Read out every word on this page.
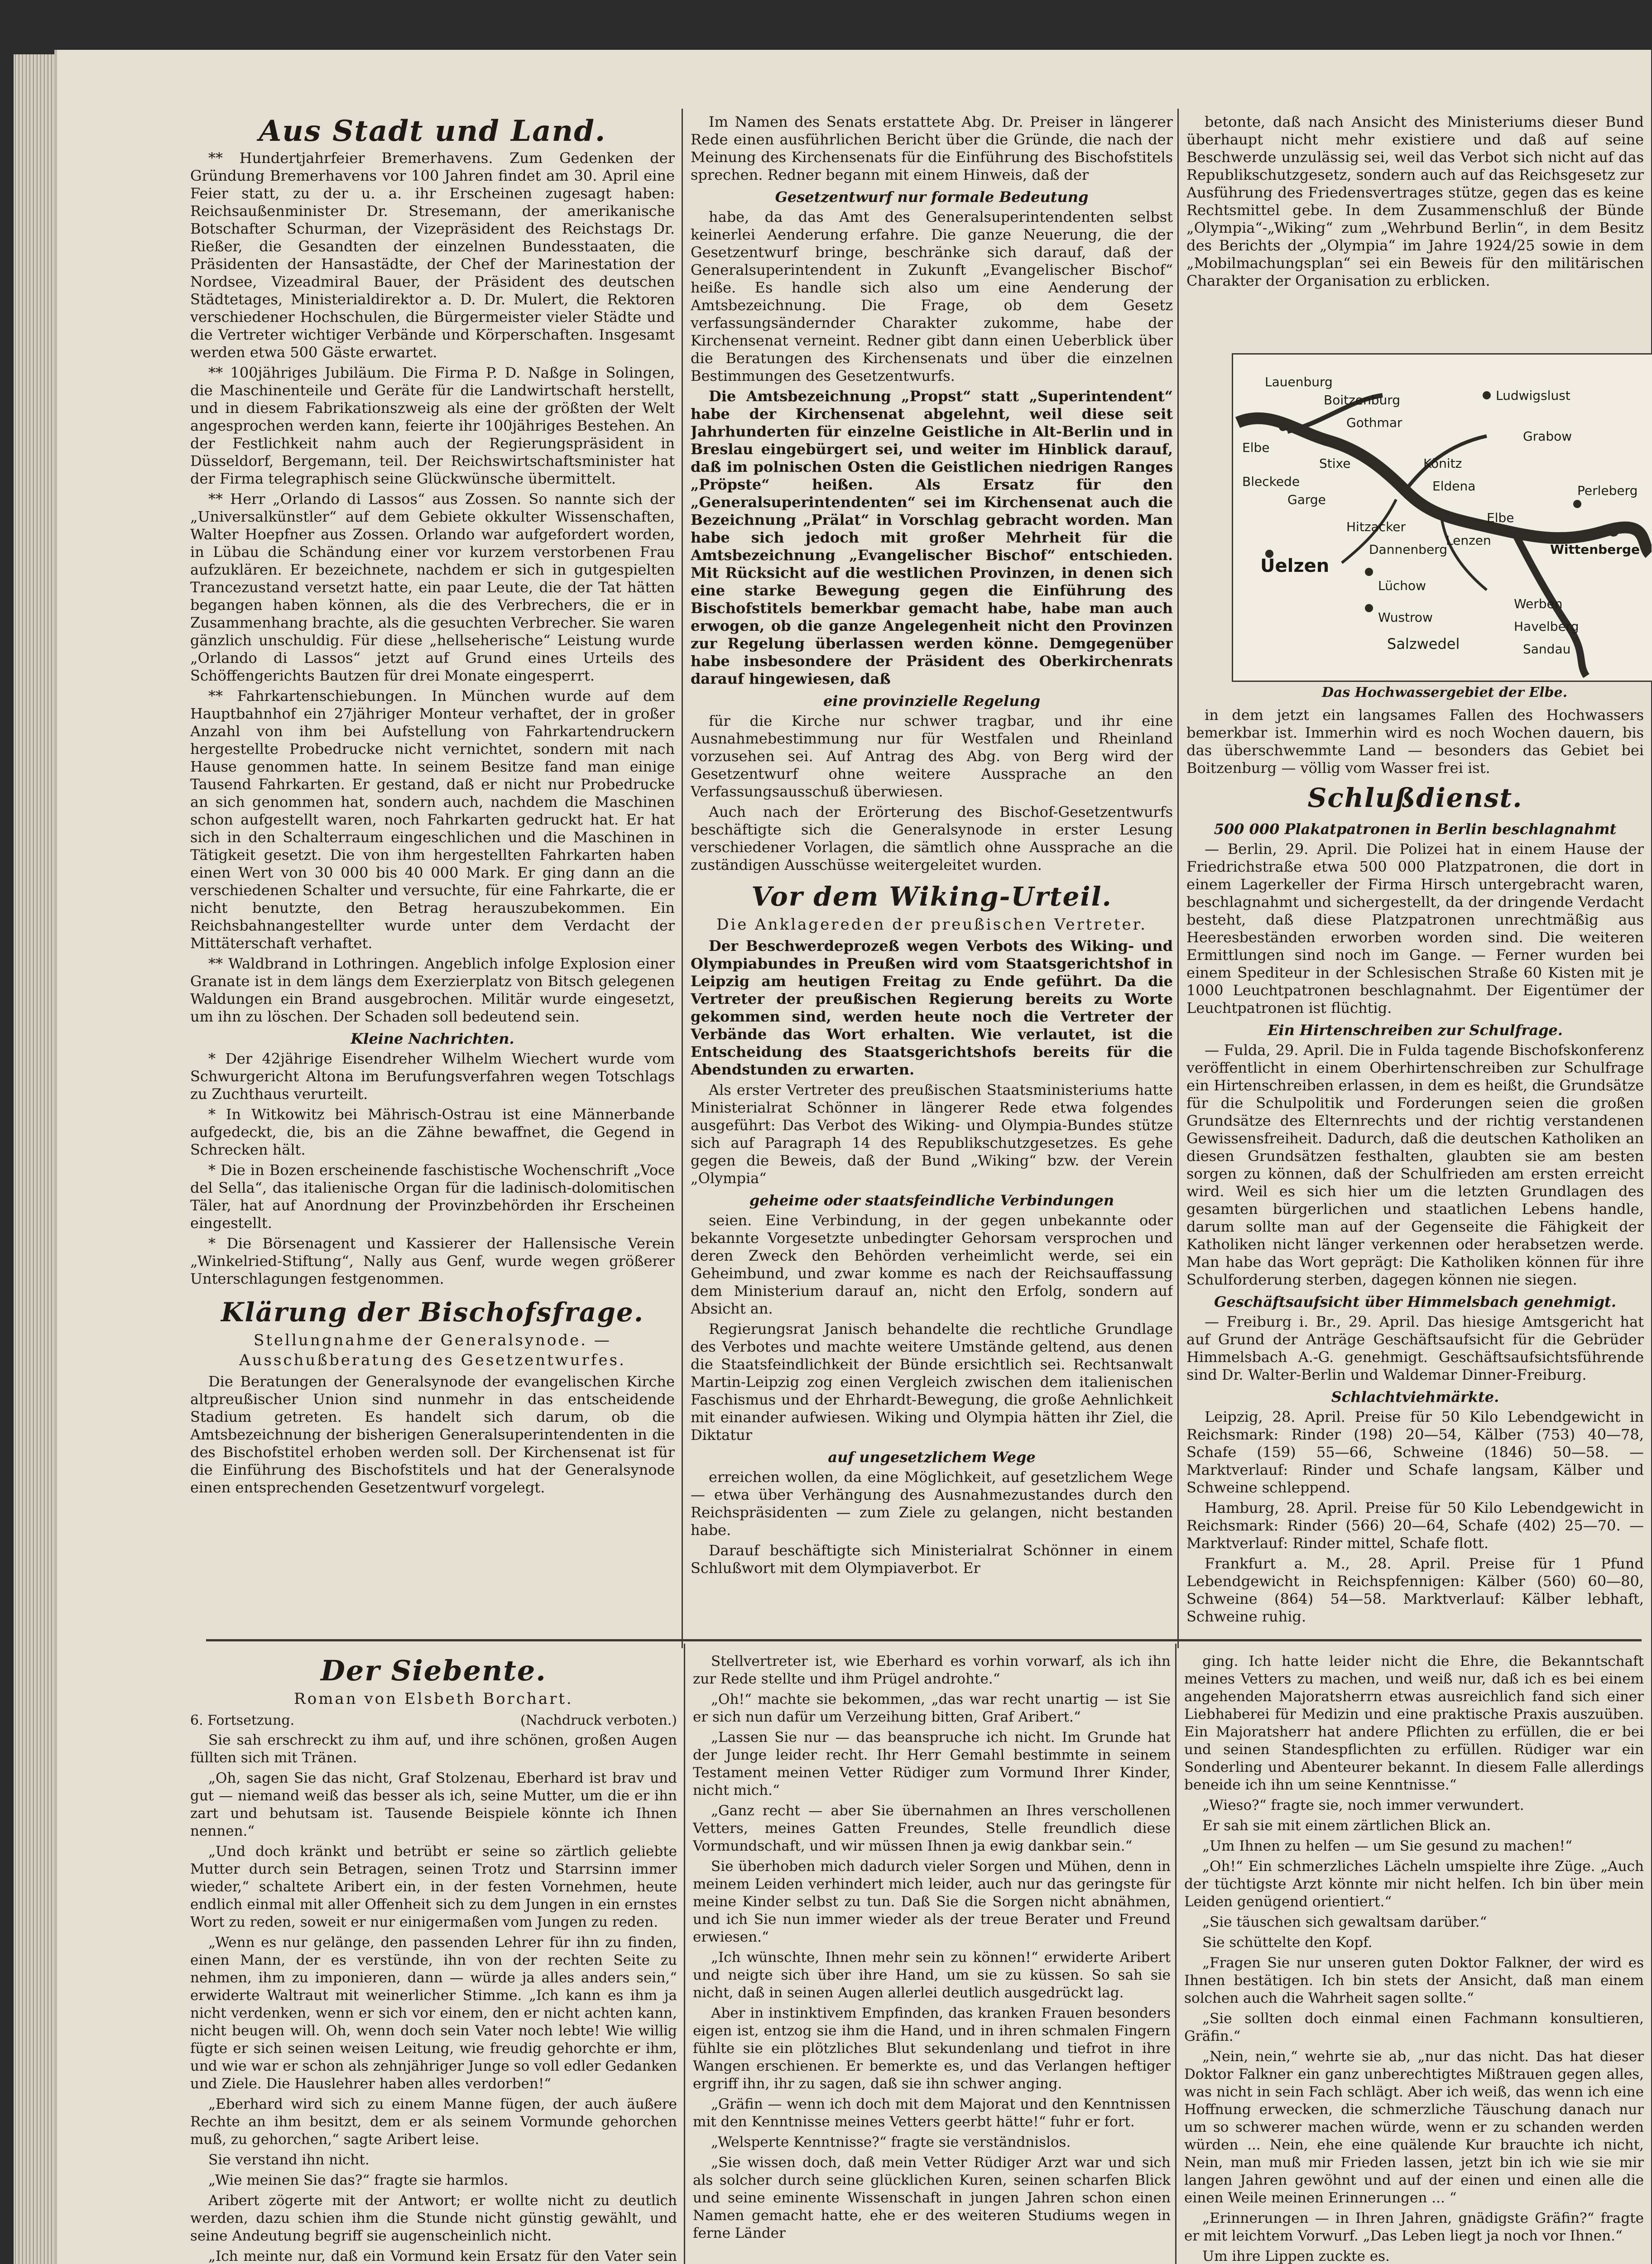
Aus Stadt und Land.

** Hundertjahrfeier Bremerhavens. Zum Gedenken der Gründung Bremerhavens vor 100 Jahren findet am 30. April eine Feier statt, zu der u. a. ihr Erscheinen zugesagt haben: Reichsaußenminister Dr. Stresemann, der amerikanische Botschafter Schurman, der Vizepräsident des Reichstags Dr. Rießer, die Gesandten der einzelnen Bundesstaaten, die Präsidenten der Hansastädte, der Chef der Marinestation der Nordsee, Vizeadmiral Bauer, der Präsident des deutschen Städtetages, Ministerialdirektor a. D. Dr. Mulert, die Rektoren verschiedener Hochschulen, die Bürgermeister vieler Städte und die Vertreter wichtiger Verbände und Körperschaften. Insgesamt werden etwa 500 Gäste erwartet.

** 100jähriges Jubiläum. Die Firma P. D. Naßge in Solingen, die Maschinenteile und Geräte für die Landwirtschaft herstellt, und in diesem Fabrikationszweig als eine der größten der Welt angesprochen werden kann, feierte ihr 100jähriges Bestehen. An der Festlichkeit nahm auch der Regierungspräsident in Düsseldorf, Bergemann, teil. Der Reichswirtschaftsminister hat der Firma telegraphisch seine Glückwünsche übermittelt.

** Herr „Orlando di Lassos“ aus Zossen. So nannte sich der „Universalkünstler“ auf dem Gebiete okkulter Wissenschaften, Walter Hoepfner aus Zossen. Orlando war aufgefordert worden, in Lübau die Schändung einer vor kurzem verstorbenen Frau aufzuklären. Er bezeichnete, nachdem er sich in gutgespielten Trancezustand versetzt hatte, ein paar Leute, die der Tat hätten begangen haben können, als die des Verbrechers, die er in Zusammenhang brachte, als die gesuchten Verbrecher. Sie waren gänzlich unschuldig. Für diese „hellseherische“ Leistung wurde „Orlando di Lassos“ jetzt auf Grund eines Urteils des Schöffengerichts Bautzen für drei Monate eingesperrt.

** Fahrkartenschiebungen. In München wurde auf dem Hauptbahnhof ein 27jähriger Monteur verhaftet, der in großer Anzahl von ihm bei Aufstellung von Fahrkartendruckern hergestellte Probedrucke nicht vernichtet, sondern mit nach Hause genommen hatte. In seinem Besitze fand man einige Tausend Fahrkarten. Er gestand, daß er nicht nur Probedrucke an sich genommen hat, sondern auch, nachdem die Maschinen schon aufgestellt waren, noch Fahrkarten gedruckt hat. Er hat sich in den Schalterraum eingeschlichen und die Maschinen in Tätigkeit gesetzt. Die von ihm hergestellten Fahrkarten haben einen Wert von 30 000 bis 40 000 Mark. Er ging dann an die verschiedenen Schalter und versuchte, für eine Fahrkarte, die er nicht benutzte, den Betrag herauszubekommen. Ein Reichsbahnangestellter wurde unter dem Verdacht der Mittäterschaft verhaftet.

** Waldbrand in Lothringen. Angeblich infolge Explosion einer Granate ist in dem längs dem Exerzierplatz von Bitsch gelegenen Waldungen ein Brand ausgebrochen. Militär wurde eingesetzt, um ihn zu löschen. Der Schaden soll bedeutend sein.

Kleine Nachrichten.

* Der 42jährige Eisendreher Wilhelm Wiechert wurde vom Schwurgericht Altona im Berufungsverfahren wegen Totschlags zu Zuchthaus verurteilt.

* In Witkowitz bei Mährisch-Ostrau ist eine Männerbande aufgedeckt, die, bis an die Zähne bewaffnet, die Gegend in Schrecken hält.

* Die in Bozen erscheinende faschistische Wochenschrift „Voce del Sella“, das italienische Organ für die ladinisch-dolomitischen Täler, hat auf Anordnung der Provinzbehörden ihr Erscheinen eingestellt.

* Die Börsenagent und Kassierer der Hallensische Verein „Winkelried-Stiftung“, Nally aus Genf, wurde wegen größerer Unterschlagungen festgenommen.

Klärung der Bischofsfrage.
Stellungnahme der Generalsynode. — Ausschußberatung des Gesetzentwurfes.

Die Beratungen der Generalsynode der evangelischen Kirche altpreußischer Union sind nunmehr in das entscheidende Stadium getreten. Es handelt sich darum, ob die Amtsbezeichnung der bisherigen Generalsuperintendenten in die des Bischofstitel erhoben werden soll. Der Kirchensenat ist für die Einführung des Bischofstitels und hat der Generalsynode einen entsprechenden Gesetzentwurf vorgelegt.

Im Namen des Senats erstattete Abg. Dr. Preiser in längerer Rede einen ausführlichen Bericht über die Gründe, die nach der Meinung des Kirchensenats für die Einführung des Bischofstitels sprechen. Redner begann mit einem Hinweis, daß der

Gesetzentwurf nur formale Bedeutung

habe, da das Amt des Generalsuperintendenten selbst keinerlei Aenderung erfahre. Die ganze Neuerung, die der Gesetzentwurf bringe, beschränke sich darauf, daß der Generalsuperintendent in Zukunft „Evangelischer Bischof“ heiße. Es handle sich also um eine Aenderung der Amtsbezeichnung. Die Frage, ob dem Gesetz verfassungsändernder Charakter zukomme, habe der Kirchensenat verneint. Redner gibt dann einen Ueberblick über die Beratungen des Kirchensenats und über die einzelnen Bestimmungen des Gesetzentwurfs.

Die Amtsbezeichnung „Propst“ statt „Superintendent“ habe der Kirchensenat abgelehnt, weil diese seit Jahrhunderten für einzelne Geistliche in Alt-Berlin und in Breslau eingebürgert sei, und weiter im Hinblick darauf, daß im polnischen Osten die Geistlichen niedrigen Ranges „Pröpste“ heißen. Als Ersatz für den „Generalsuperintendenten“ sei im Kirchensenat auch die Bezeichnung „Prälat“ in Vorschlag gebracht worden. Man habe sich jedoch mit großer Mehrheit für die Amtsbezeichnung „Evangelischer Bischof“ entschieden. Mit Rücksicht auf die westlichen Provinzen, in denen sich eine starke Bewegung gegen die Einführung des Bischofstitels bemerkbar gemacht habe, habe man auch erwogen, ob die ganze Angelegenheit nicht den Provinzen zur Regelung überlassen werden könne. Demgegenüber habe insbesondere der Präsident des Oberkirchenrats darauf hingewiesen, daß

eine provinzielle Regelung

für die Kirche nur schwer tragbar, und ihr eine Ausnahmebestimmung nur für Westfalen und Rheinland vorzusehen sei. Auf Antrag des Abg. von Berg wird der Gesetzentwurf ohne weitere Aussprache an den Verfassungsausschuß überwiesen.

Auch nach der Erörterung des Bischof-Gesetzentwurfs beschäftigte sich die Generalsynode in erster Lesung verschiedener Vorlagen, die sämtlich ohne Aussprache an die zuständigen Ausschüsse weitergeleitet wurden.

Vor dem Wiking-Urteil.
Die Anklagereden der preußischen Vertreter.

Der Beschwerdeprozeß wegen Verbots des Wiking- und Olympiabundes in Preußen wird vom Staatsgerichtshof in Leipzig am heutigen Freitag zu Ende geführt. Da die Vertreter der preußischen Regierung bereits zu Worte gekommen sind, werden heute noch die Vertreter der Verbände das Wort erhalten. Wie verlautet, ist die Entscheidung des Staatsgerichtshofs bereits für die Abendstunden zu erwarten.

Als erster Vertreter des preußischen Staatsministeriums hatte Ministerialrat Schönner in längerer Rede etwa folgendes ausgeführt: Das Verbot des Wiking- und Olympia-Bundes stütze sich auf Paragraph 14 des Republikschutzgesetzes. Es gehe gegen die Beweis, daß der Bund „Wiking“ bzw. der Verein „Olympia“

geheime oder staatsfeindliche Verbindungen

seien. Eine Verbindung, in der gegen unbekannte oder bekannte Vorgesetzte unbedingter Gehorsam versprochen und deren Zweck den Behörden verheimlicht werde, sei ein Geheimbund, und zwar komme es nach der Reichsauffassung dem Ministerium darauf an, nicht den Erfolg, sondern auf Absicht an.

Regierungsrat Janisch behandelte die rechtliche Grundlage des Verbotes und machte weitere Umstände geltend, aus denen die Staatsfeindlichkeit der Bünde ersichtlich sei. Rechtsanwalt Martin-Leipzig zog einen Vergleich zwischen dem italienischen Faschismus und der Ehrhardt-Bewegung, die große Aehnlichkeit mit einander aufwiesen. Wiking und Olympia hätten ihr Ziel, die Diktatur

auf ungesetzlichem Wege

erreichen wollen, da eine Möglichkeit, auf gesetzlichem Wege — etwa über Verhängung des Ausnahmezustandes durch den Reichspräsidenten — zum Ziele zu gelangen, nicht bestanden habe.

Darauf beschäftigte sich Ministerialrat Schönner in einem Schlußwort mit dem Olympiaverbot. Er

betonte, daß nach Ansicht des Ministeriums dieser Bund überhaupt nicht mehr existiere und daß auf seine Beschwerde unzulässig sei, weil das Verbot sich nicht auf das Republikschutzgesetz, sondern auch auf das Reichsgesetz zur Ausführung des Friedensvertrages stütze, gegen das es keine Rechtsmittel gebe. In dem Zusammenschluß der Bünde „Olympia“-„Wiking“ zum „Wehrbund Berlin“, in dem Besitz des Berichts der „Olympia“ im Jahre 1924/25 sowie in dem „Mobilmachungsplan“ sei ein Beweis für den militärischen Charakter der Organisation zu erblicken.

Lauenburg
Boitzenburg
Elbe
Bleckede
Gothmar
Stixe
Ludwigslust
Grabow
Garge
Könitz
Hitzacker
Eldena
Lenzen
Perleberg
Dannenberg
Uelzen
Lüchow
Wittenberge
Wustrow
Salzwedel
Werben
Havelberg
Sandau
Elbe
Das Hochwassergebiet der Elbe.

in dem jetzt ein langsames Fallen des Hochwassers bemerkbar ist. Immerhin wird es noch Wochen dauern, bis das überschwemmte Land — besonders das Gebiet bei Boitzenburg — völlig vom Wasser frei ist.

Schlußdienst.
500 000 Plakatpatronen in Berlin beschlagnahmt

— Berlin, 29. April. Die Polizei hat in einem Hause der Friedrichstraße etwa 500 000 Platzpatronen, die dort in einem Lagerkeller der Firma Hirsch untergebracht waren, beschlagnahmt und sichergestellt, da der dringende Verdacht besteht, daß diese Platzpatronen unrechtmäßig aus Heeresbeständen erworben worden sind. Die weiteren Ermittlungen sind noch im Gange. — Ferner wurden bei einem Spediteur in der Schlesischen Straße 60 Kisten mit je 1000 Leuchtpatronen beschlagnahmt. Der Eigentümer der Leuchtpatronen ist flüchtig.

Ein Hirtenschreiben zur Schulfrage.

— Fulda, 29. April. Die in Fulda tagende Bischofskonferenz veröffentlicht in einem Oberhirtenschreiben zur Schulfrage ein Hirtenschreiben erlassen, in dem es heißt, die Grundsätze für die Schulpolitik und Forderungen seien die großen Grundsätze des Elternrechts und der richtig verstandenen Gewissensfreiheit. Dadurch, daß die deutschen Katholiken an diesen Grundsätzen festhalten, glaubten sie am besten sorgen zu können, daß der Schulfrieden am ersten erreicht wird. Weil es sich hier um die letzten Grundlagen des gesamten bürgerlichen und staatlichen Lebens handle, darum sollte man auf der Gegenseite die Fähigkeit der Katholiken nicht länger verkennen oder herabsetzen werde. Man habe das Wort geprägt: Die Katholiken können für ihre Schulforderung sterben, dagegen können nie siegen.

Geschäftsaufsicht über Himmelsbach genehmigt.

— Freiburg i. Br., 29. April. Das hiesige Amtsgericht hat auf Grund der Anträge Geschäftsaufsicht für die Gebrüder Himmelsbach A.-G. genehmigt. Geschäftsaufsichtsführende sind Dr. Walter-Berlin und Waldemar Dinner-Freiburg.

Schlachtviehmärkte.

Leipzig, 28. April. Preise für 50 Kilo Lebendgewicht in Reichsmark: Rinder (198) 20—54, Kälber (753) 40—78, Schafe (159) 55—66, Schweine (1846) 50—58. — Marktverlauf: Rinder und Schafe langsam, Kälber und Schweine schleppend.

Hamburg, 28. April. Preise für 50 Kilo Lebendgewicht in Reichsmark: Rinder (566) 20—64, Schafe (402) 25—70. — Marktverlauf: Rinder mittel, Schafe flott.

Frankfurt a. M., 28. April. Preise für 1 Pfund Lebendgewicht in Reichspfennigen: Kälber (560) 60—80, Schweine (864) 54—58. Marktverlauf: Kälber lebhaft, Schweine ruhig.

Der Siebente.
Roman von Elsbeth Borchart.
6. Fortsetzung.	(Nachdruck verboten.)

Sie sah erschreckt zu ihm auf, und ihre schönen, großen Augen füllten sich mit Tränen.

„Oh, sagen Sie das nicht, Graf Stolzenau, Eberhard ist brav und gut — niemand weiß das besser als ich, seine Mutter, um die er ihn zart und behutsam ist. Tausende Beispiele könnte ich Ihnen nennen.“

„Und doch kränkt und betrübt er seine so zärtlich geliebte Mutter durch sein Betragen, seinen Trotz und Starrsinn immer wieder,“ schaltete Aribert ein, in der festen Vornehmen, heute endlich einmal mit aller Offenheit sich zu dem Jungen in ein ernstes Wort zu reden, soweit er nur einigermaßen vom Jungen zu reden.

„Wenn es nur gelänge, den passenden Lehrer für ihn zu finden, einen Mann, der es verstünde, ihn von der rechten Seite zu nehmen, ihm zu imponieren, dann — würde ja alles anders sein,“ erwiderte Waltraut mit weinerlicher Stimme. „Ich kann es ihm ja nicht verdenken, wenn er sich vor einem, den er nicht achten kann, nicht beugen will. Oh, wenn doch sein Vater noch lebte! Wie willig fügte er sich seinen weisen Leitung, wie freudig gehorchte er ihm, und wie war er schon als zehnjähriger Junge so voll edler Gedanken und Ziele. Die Hauslehrer haben alles verdorben!“

„Eberhard wird sich zu einem Manne fügen, der auch äußere Rechte an ihm besitzt, dem er als seinem Vormunde gehorchen muß, zu gehorchen,“ sagte Aribert leise.

Sie verstand ihn nicht.

„Wie meinen Sie das?“ fragte sie harmlos.

Aribert zögerte mit der Antwort; er wollte nicht zu deutlich werden, dazu schien ihm die Stunde nicht günstig gewählt, und seine Andeutung begriff sie augenscheinlich nicht.

„Ich meinte nur, daß ein Vormund kein Ersatz für den Vater sein

Stellvertreter ist, wie Eberhard es vorhin vorwarf, als ich ihn zur Rede stellte und ihm Prügel androhte.“

„Oh!“ machte sie bekommen, „das war recht unartig — ist Sie er sich nun dafür um Verzeihung bitten, Graf Aribert.“

„Lassen Sie nur — das beanspruche ich nicht. Im Grunde hat der Junge leider recht. Ihr Herr Gemahl bestimmte in seinem Testament meinen Vetter Rüdiger zum Vormund Ihrer Kinder, nicht mich.“

„Ganz recht — aber Sie übernahmen an Ihres verschollenen Vetters, meines Gatten Freundes, Stelle freundlich diese Vormundschaft, und wir müssen Ihnen ja ewig dankbar sein.“

Sie überhoben mich dadurch vieler Sorgen und Mühen, denn in meinem Leiden verhindert mich leider, auch nur das geringste für meine Kinder selbst zu tun. Daß Sie die Sorgen nicht abnähmen, und ich Sie nun immer wieder als der treue Berater und Freund erwiesen.“

„Ich wünschte, Ihnen mehr sein zu können!“ erwiderte Aribert und neigte sich über ihre Hand, um sie zu küssen. So sah sie nicht, daß in seinen Augen allerlei deutlich ausgedrückt lag.

Aber in instinktivem Empfinden, das kranken Frauen besonders eigen ist, entzog sie ihm die Hand, und in ihren schmalen Fingern fühlte sie ein plötzliches Blut sekundenlang und tiefrot in ihre Wangen erschienen. Er bemerkte es, und das Verlangen heftiger ergriff ihn, ihr zu sagen, daß sie ihn schwer anging.

„Gräfin — wenn ich doch mit dem Majorat und den Kenntnissen mit den Kenntnisse meines Vetters geerbt hätte!“ fuhr er fort.

„Welsperte Kenntnisse?“ fragte sie verständnislos.

„Sie wissen doch, daß mein Vetter Rüdiger Arzt war und sich als solcher durch seine glücklichen Kuren, seinen scharfen Blick und seine eminente Wissenschaft in jungen Jahren schon einen Namen gemacht hatte, ehe er des weiteren Studiums wegen in ferne Länder

ging. Ich hatte leider nicht die Ehre, die Bekanntschaft meines Vetters zu machen, und weiß nur, daß ich es bei einem angehenden Majoratsherrn etwas ausreichlich fand sich einer Liebhaberei für Medizin und eine praktische Praxis auszuüben. Ein Majoratsherr hat andere Pflichten zu erfüllen, die er bei und seinen Standespflichten zu erfüllen. Rüdiger war ein Sonderling und Abenteurer bekannt. In diesem Falle allerdings beneide ich ihn um seine Kenntnisse.“

„Wieso?“ fragte sie, noch immer verwundert.

Er sah sie mit einem zärtlichen Blick an.

„Um Ihnen zu helfen — um Sie gesund zu machen!“

„Oh!“ Ein schmerzliches Lächeln umspielte ihre Züge. „Auch der tüchtigste Arzt könnte mir nicht helfen. Ich bin über mein Leiden genügend orientiert.“

„Sie täuschen sich gewaltsam darüber.“

Sie schüttelte den Kopf.

„Fragen Sie nur unseren guten Doktor Falkner, der wird es Ihnen bestätigen. Ich bin stets der Ansicht, daß man einem solchen auch die Wahrheit sagen sollte.“

„Sie sollten doch einmal einen Fachmann konsultieren, Gräfin.“

„Nein, nein,“ wehrte sie ab, „nur das nicht. Das hat dieser Doktor Falkner ein ganz unberechtigtes Mißtrauen gegen alles, was nicht in sein Fach schlägt. Aber ich weiß, das wenn ich eine Hoffnung erwecken, die schmerzliche Täuschung danach nur um so schwerer machen würde, wenn er zu schanden werden würden ... Nein, ehe eine quälende Kur brauchte ich nicht, Nein, man muß mir Frieden lassen, jetzt bin ich wie sie mir langen Jahren gewöhnt und auf der einen und einen alle die einen Weile meinen Erinnerungen ... “

„Erinnerungen — in Ihren Jahren, gnädigste Gräfin?“ fragte er mit leichtem Vorwurf. „Das Leben liegt ja noch vor Ihnen.“

Um ihre Lippen zuckte es.
